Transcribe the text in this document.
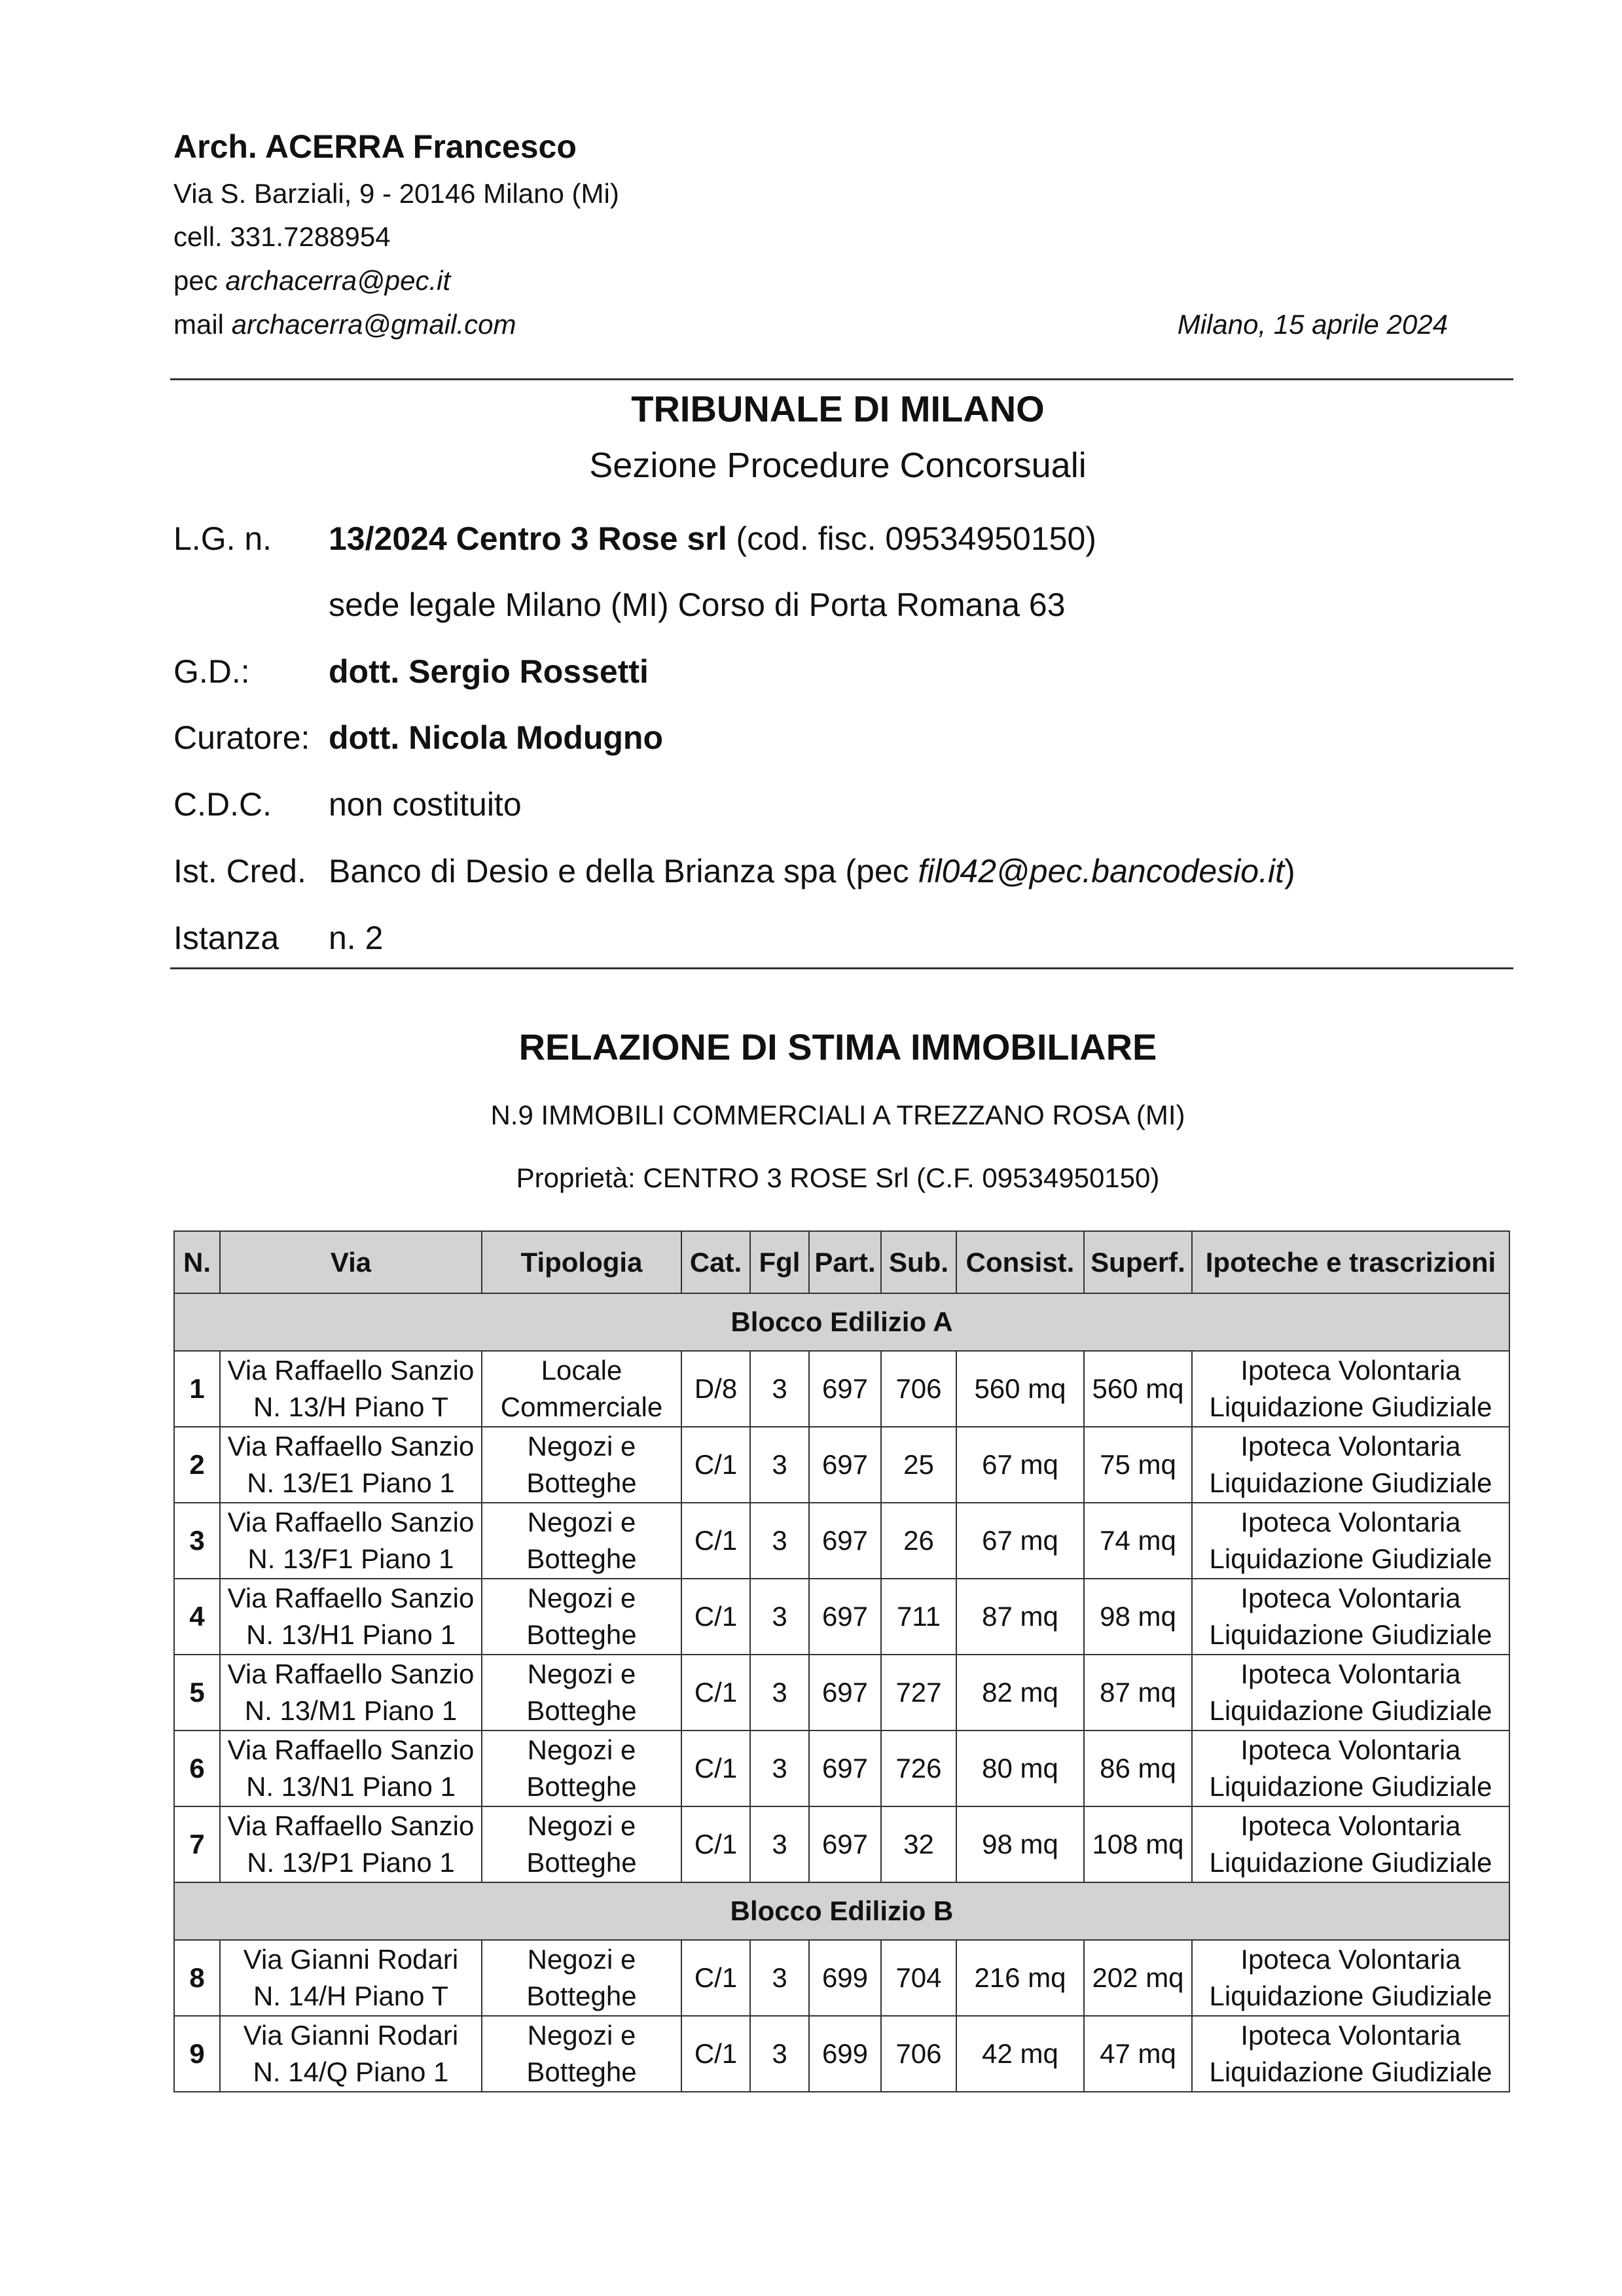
Arch. ACERRA Francesco
Via S. Barziali, 9 - 20146 Milano (Mi)
cell. 331.7288954
pec archacerra@pec.it
mail archacerra@gmail.com	Milano, 15 aprile 2024
TRIBUNALE DI MILANO
Sezione Procedure Concorsuali
L.G. n. 13/2024 Centro 3 Rose srl (cod. fisc. 09534950150)
sede legale Milano (MI) Corso di Porta Romana 63
G.D.: dott. Sergio Rossetti
Curatore: dott. Nicola Modugno
C.D.C. non costituito
Ist. Cred. Banco di Desio e della Brianza spa (pec fil042@pec.bancodesio.it)
Istanza n. 2
RELAZIONE DI STIMA IMMOBILIARE
N.9 IMMOBILI COMMERCIALI A TREZZANO ROSA (MI)
Proprietà: CENTRO 3 ROSE Srl (C.F. 09534950150)
N.	Via	Tipologia	Cat.	Fgl	Part.	Sub.	Consist.	Superf.	Ipoteche e trascrizioni
Blocco Edilizio A									
1	Via Raffaello Sanzio
N. 13/H Piano T	Locale
Commerciale	D/8	3	697	706	560 mq	560 mq	Ipoteca Volontaria
Liquidazione Giudiziale
2	Via Raffaello Sanzio
N. 13/E1 Piano 1	Negozi e
Botteghe	C/1	3	697	25	67 mq	75 mq	Ipoteca Volontaria
Liquidazione Giudiziale
3	Via Raffaello Sanzio
N. 13/F1 Piano 1	Negozi e
Botteghe	C/1	3	697	26	67 mq	74 mq	Ipoteca Volontaria
Liquidazione Giudiziale
4	Via Raffaello Sanzio
N. 13/H1 Piano 1	Negozi e
Botteghe	C/1	3	697	711	87 mq	98 mq	Ipoteca Volontaria
Liquidazione Giudiziale
5	Via Raffaello Sanzio
N. 13/M1 Piano 1	Negozi e
Botteghe	C/1	3	697	727	82 mq	87 mq	Ipoteca Volontaria
Liquidazione Giudiziale
6	Via Raffaello Sanzio
N. 13/N1 Piano 1	Negozi e
Botteghe	C/1	3	697	726	80 mq	86 mq	Ipoteca Volontaria
Liquidazione Giudiziale
7	Via Raffaello Sanzio
N. 13/P1 Piano 1	Negozi e
Botteghe	C/1	3	697	32	98 mq	108 mq	Ipoteca Volontaria
Liquidazione Giudiziale
Blocco Edilizio B									
8	Via Gianni Rodari
N. 14/H Piano T	Negozi e
Botteghe	C/1	3	699	704	216 mq	202 mq	Ipoteca Volontaria
Liquidazione Giudiziale
9	Via Gianni Rodari
N. 14/Q Piano 1	Negozi e
Botteghe	C/1	3	699	706	42 mq	47 mq	Ipoteca Volontaria
Liquidazione Giudiziale
